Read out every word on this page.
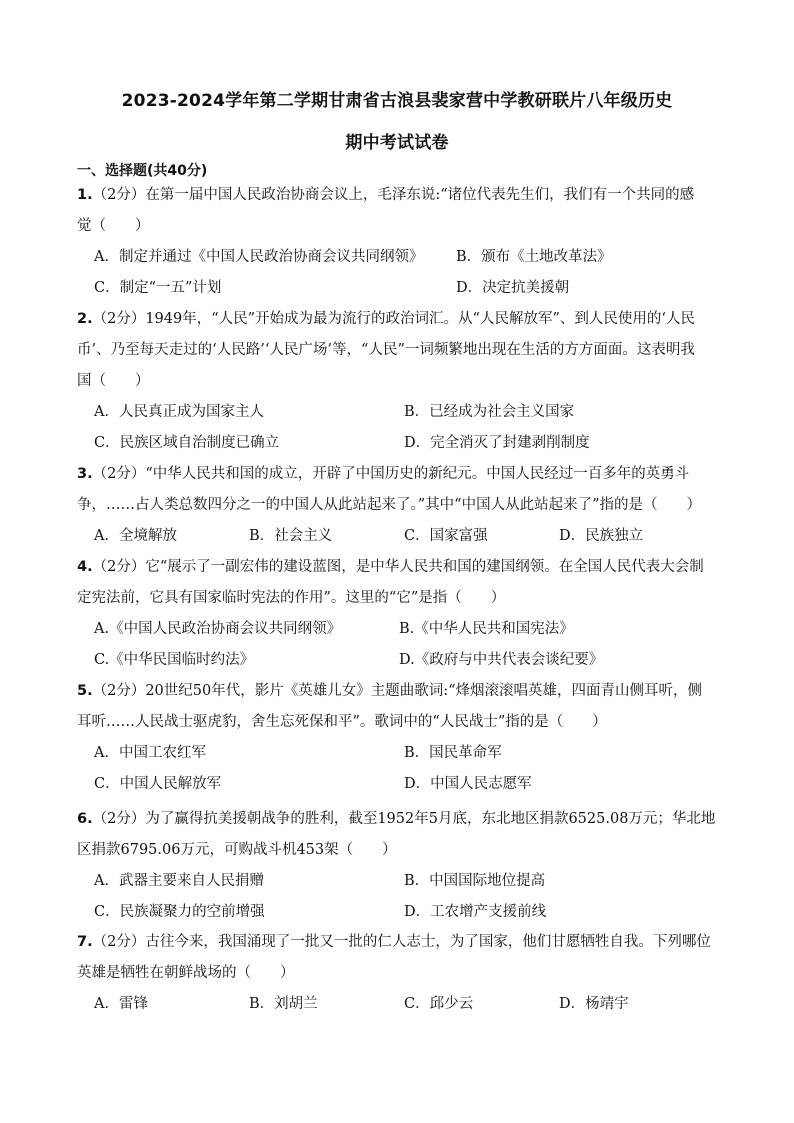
2023-2024学年第二学期甘肃省古浪县裴家营中学教研联片八年级历史
期中考试试卷
一、选择题(共40分)
1.（2分）在第一届中国人民政治协商会议上，毛泽东说:“诸位代表先生们，我们有一个共同的感
觉（　　）
A．制定并通过《中国人民政治协商会议共同纲领》 B．颁布《土地改革法》
C．制定“一五”计划	D．决定抗美援朝
2.（2分）1949年，“人民”开始成为最为流行的政治词汇。从“人民解放军”、到人民使用的‘人民
币’、乃至每天走过的‘人民路’‘人民广场’等，“人民”一词频繁地出现在生活的方方面面。这表明我
国（　　）
A．人民真正成为国家主人	B．已经成为社会主义国家
C．民族区域自治制度已确立	D．完全消灭了封建剥削制度
3.（2分）“中华人民共和国的成立，开辟了中国历史的新纪元。中国人民经过一百多年的英勇斗
争，……占人类总数四分之一的中国人从此站起来了。”其中“中国人从此站起来了”指的是（　　）
A．全境解放	B．社会主义	C．国家富强	D．民族独立
4.（2分）它“展示了一副宏伟的建设蓝图，是中华人民共和国的建国纲领。在全国人民代表大会制
定宪法前，它具有国家临时宪法的作用”。这里的“它”是指（　　）
A.《中国人民政治协商会议共同纲领》	B.《中华人民共和国宪法》
C.《中华民国临时约法》	D.《政府与中共代表会谈纪要》
5.（2分）20世纪50年代，影片《英雄儿女》主题曲歌词:“烽烟滚滚唱英雄，四面青山侧耳听，侧
耳听……人民战士驱虎豹，舍生忘死保和平”。歌词中的“人民战士”指的是（　　）
A．中国工农红军	B．国民革命军
C．中国人民解放军	D．中国人民志愿军
6.（2分）为了赢得抗美援朝战争的胜利，截至1952年5月底，东北地区捐款6525.08万元；华北地
区捐款6795.06万元，可购战斗机453架（　　）
A．武器主要来自人民捐赠	B．中国国际地位提高
C．民族凝聚力的空前增强	D．工农增产支援前线
7.（2分）古往今来，我国涌现了一批又一批的仁人志士，为了国家，他们甘愿牺牲自我。下列哪位
英雄是牺牲在朝鲜战场的（　　）
A．雷锋	B．刘胡兰	C．邱少云	D．杨靖宇
